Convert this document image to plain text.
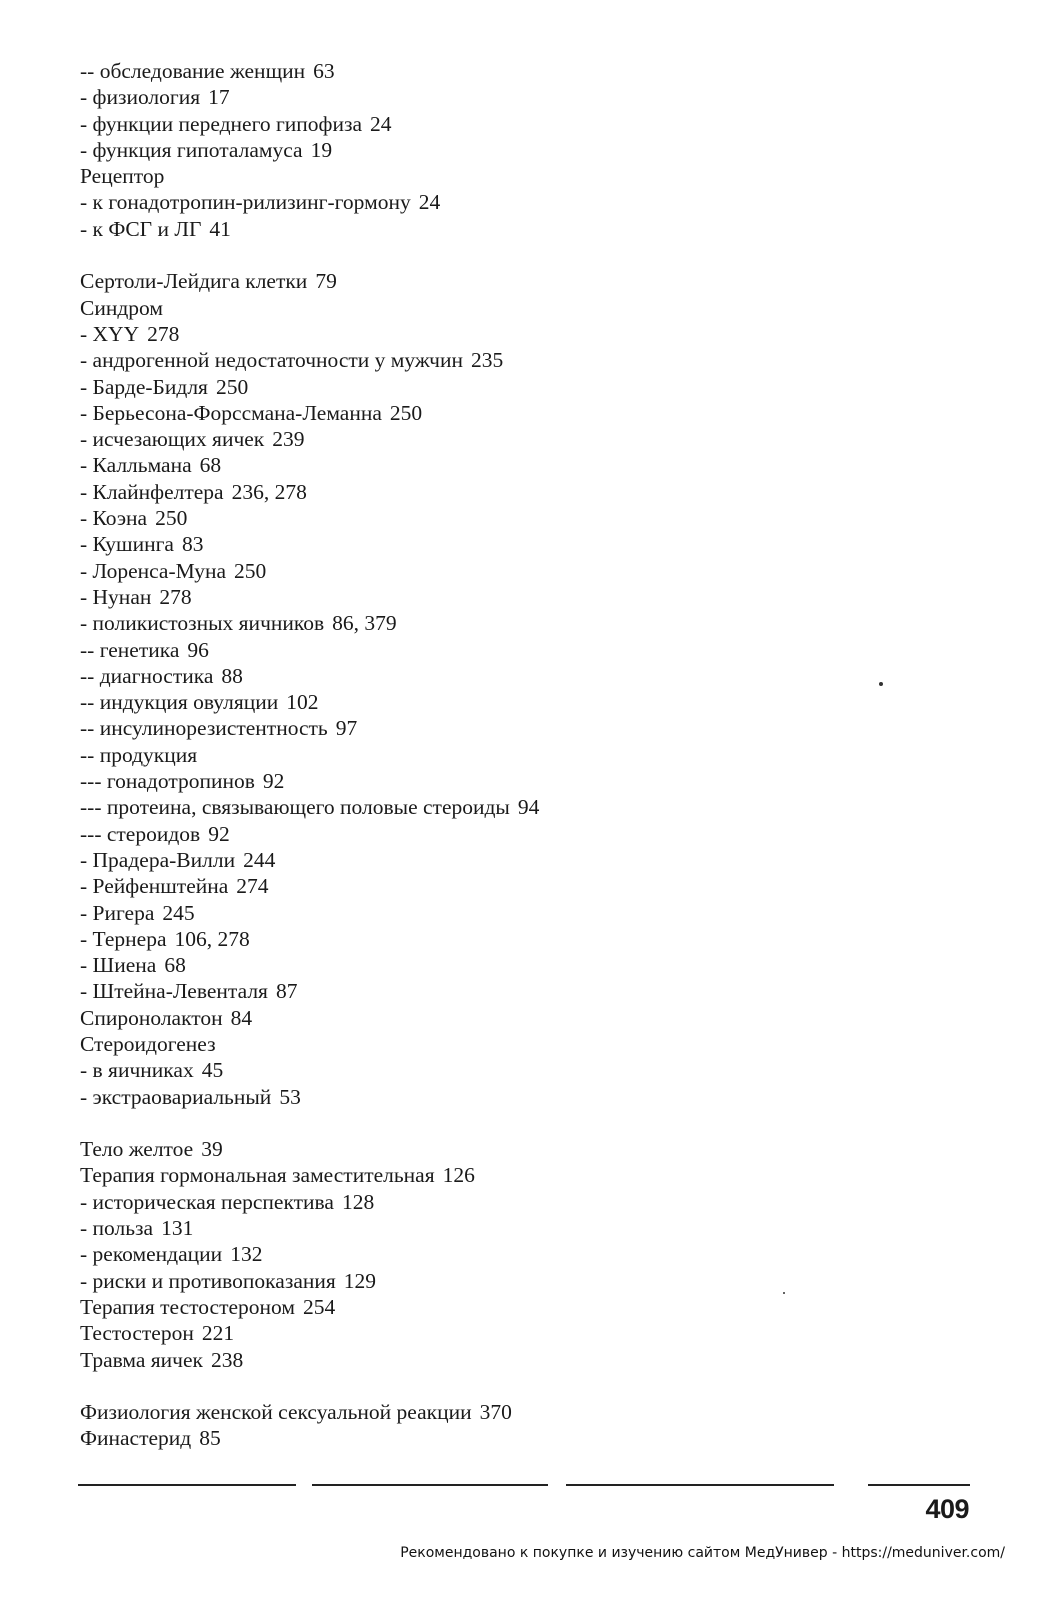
-- обследование женщин 63
- физиология 17
- функции переднего гипофиза 24
- функция гипоталамуса 19
Рецептор
- к гонадотропин-рилизинг-гормону 24
- к ФСГ и ЛГ 41
Сертоли-Лейдига клетки 79
Синдром
- XYY 278
- андрогенной недостаточности у мужчин 235
- Барде-Бидля 250
- Берьесона-Форссмана-Леманна 250
- исчезающих яичек 239
- Калльмана 68
- Клайнфелтера 236, 278
- Коэна 250
- Кушинга 83
- Лоренса-Муна 250
- Нунан 278
- поликистозных яичников 86, 379
-- генетика 96
-- диагностика 88
-- индукция овуляции 102
-- инсулинорезистентность 97
-- продукция
--- гонадотропинов 92
--- протеина, связывающего половые стероиды 94
--- стероидов 92
- Прадера-Вилли 244
- Рейфенштейна 274
- Ригера 245
- Тернера 106, 278
- Шиена 68
- Штейна-Левенталя 87
Спиронолактон 84
Стероидогенез
- в яичниках 45
- экстраовариальный 53
Тело желтое 39
Терапия гормональная заместительная 126
- историческая перспектива 128
- польза 131
- рекомендации 132
- риски и противопоказания 129
Терапия тестостероном 254
Тестостерон 221
Травма яичек 238
Физиология женской сексуальной реакции 370
Финастерид 85
409
Рекомендовано к покупке и изучению сайтом МедУнивер - https://meduniver.com/
